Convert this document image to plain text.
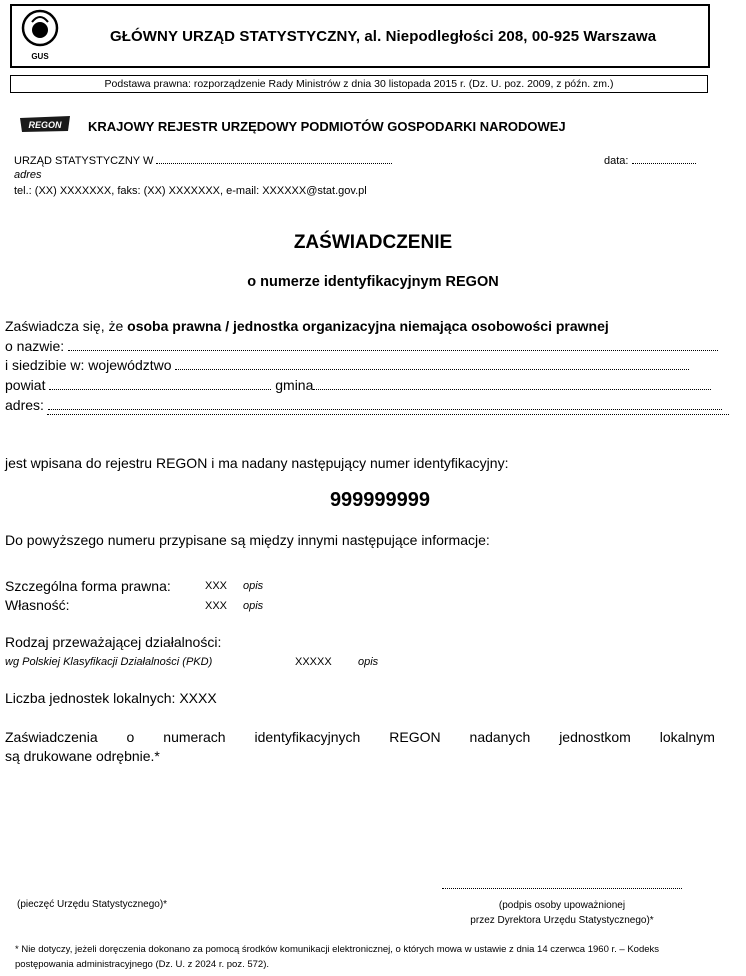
GUS
GŁÓWNY URZĄD STATYSTYCZNY, al. Niepodległości 208, 00-925 Warszawa
Podstawa prawna: rozporządzenie Rady Ministrów z dnia 30 listopada 2015 r. (Dz. U. poz. 2009, z późn. zm.)
REGON KRAJOWY REJESTR URZĘDOWY PODMIOTÓW GOSPODARKI NARODOWEJ
URZĄD STATYSTYCZNY W	data:
adres
tel.: (XX) XXXXXXX, faks: (XX) XXXXXXX, e-mail: XXXXXX@stat.gov.pl
ZAŚWIADCZENIE
o numerze identyfikacyjnym REGON
Zaświadcza się, że osoba prawna / jednostka organizacyjna niemająca osobowości prawnej
o nazwie:
i siedzibie w: województwo
powiat	gmina
adres:
jest wpisana do rejestru REGON i ma nadany następujący numer identyfikacyjny:
999999999
Do powyższego numeru przypisane są między innymi następujące informacje:
Szczególna forma prawna:	XXX opis
Własność:	XXX opis
Rodzaj przeważającej działalności:
wg Polskiej Klasyfikacji Działalności (PKD)	XXXXX opis
Liczba jednostek lokalnych: XXXX
Zaświadczenia o numerach identyfikacyjnych REGON nadanych jednostkom lokalnym
są drukowane odrębnie.*
(pieczęć Urzędu Statystycznego)*	(podpis osoby upoważnionej
przez Dyrektora Urzędu Statystycznego)*
* Nie dotyczy, jeżeli doręczenia dokonano za pomocą środków komunikacji elektronicznej, o których mowa w ustawie z dnia 14 czerwca 1960 r. – Kodeks
postępowania administracyjnego (Dz. U. z 2024 r. poz. 572).
